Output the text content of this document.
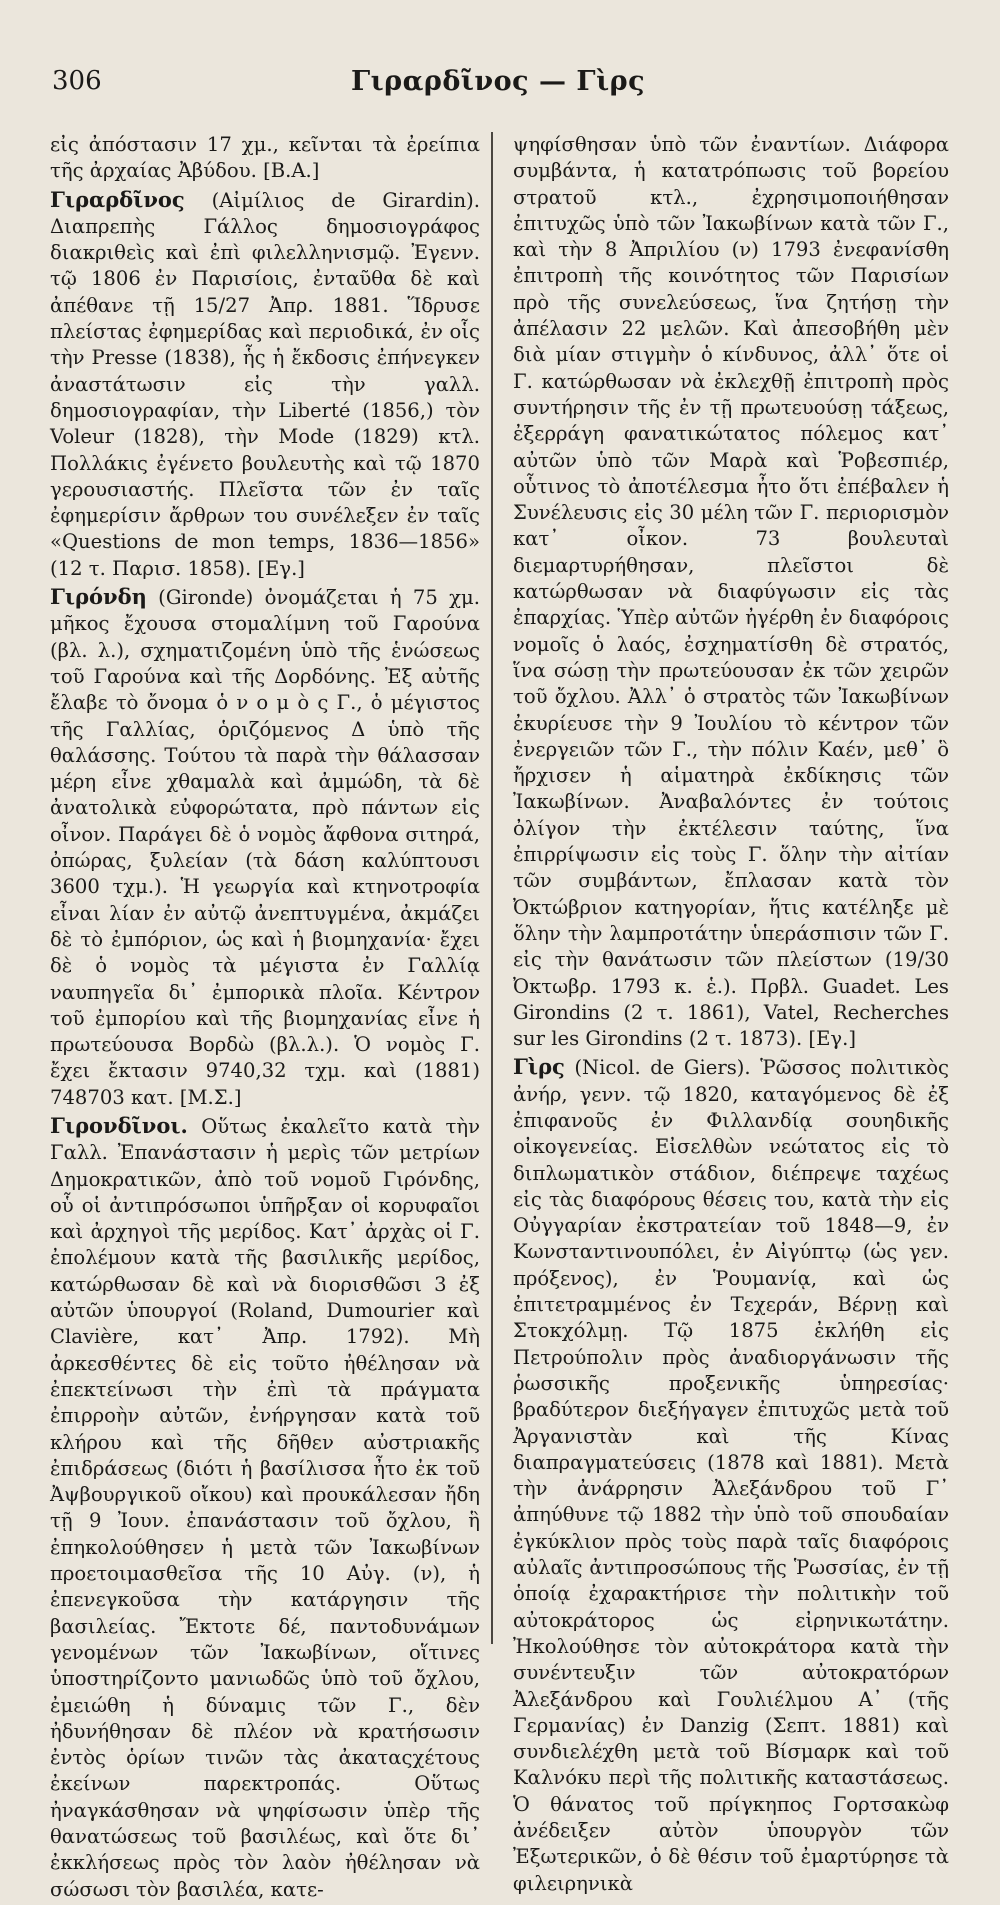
306	Γιραρδῖνος — Γὶρς

εἰς ἀπόστασιν 17 χμ., κεῖνται τὰ ἐρείπια τῆς ἀρχαίας Ἀβύδου. [Β.Α.]

Γιραρδῖνος (Αἰμίλιος de Girardin). Διαπρεπὴς Γάλλος δημοσιογράφος διακριθεὶς καὶ ἐπὶ φιλελληνισμῷ. Ἐγενν. τῷ 1806 ἐν Παρισίοις, ἐνταῦθα δὲ καὶ ἀπέθανε τῇ 15/27 Ἀπρ. 1881. Ἵδρυσε πλείστας ἐφημερίδας καὶ περιοδικά, ἐν οἷς τὴν Presse (1838), ἧς ἡ ἔκδοσις ἐπήνεγκεν ἀναστάτωσιν εἰς τὴν γαλλ. δημοσιογραφίαν, τὴν Liberté (1856,) τὸν Voleur (1828), τὴν Mode (1829) κτλ. Πολλάκις ἐγένετο βουλευτὴς καὶ τῷ 1870 γερουσιαστής. Πλεῖστα τῶν ἐν ταῖς ἐφημερίσιν ἄρθρων του συνέλεξεν ἐν ταῖς «Questions de mon temps, 1836—1856» (12 τ. Παρισ. 1858). [Εγ.]

Γιρόνδη (Gironde) ὀνομάζεται ἡ 75 χμ. μῆκος ἔχουσα στομαλίμνη τοῦ Γαρούνα (βλ. λ.), σχηματιζομένη ὑπὸ τῆς ἑνώσεως τοῦ Γαρούνα καὶ τῆς Δορδόνης. Ἐξ αὐτῆς ἔλαβε τὸ ὄνομα ὁ ν ο μ ὸ ς Γ., ὁ μέγιστος τῆς Γαλλίας, ὁριζόμενος Δ ὑπὸ τῆς θαλάσσης. Τούτου τὰ παρὰ τὴν θάλασσαν μέρη εἶνε χθαμαλὰ καὶ ἀμμώδη, τὰ δὲ ἀνατολικὰ εὐφορώτατα, πρὸ πάντων εἰς οἶνον. Παράγει δὲ ὁ νομὸς ἄφθονα σιτηρά, ὀπώρας, ξυλείαν (τὰ δάση καλύπτουσι 3600 τχμ.). Ἡ γεωργία καὶ κτηνοτροφία εἶναι λίαν ἐν αὐτῷ ἀνεπτυγμένα, ἀκμάζει δὲ τὸ ἐμπόριον, ὡς καὶ ἡ βιομηχανία· ἔχει δὲ ὁ νομὸς τὰ μέγιστα ἐν Γαλλίᾳ ναυπηγεῖα δι᾽ ἐμπορικὰ πλοῖα. Κέντρον τοῦ ἐμπορίου καὶ τῆς βιομηχανίας εἶνε ἡ πρωτεύουσα Βορδὼ (βλ.λ.). Ὁ νομὸς Γ. ἔχει ἔκτασιν 9740,32 τχμ. καὶ (1881) 748703 κατ. [Μ.Σ.]

Γιρονδῖνοι. Οὕτως ἐκαλεῖτο κατὰ τὴν Γαλλ. Ἐπανάστασιν ἡ μερὶς τῶν μετρίων Δημοκρατικῶν, ἀπὸ τοῦ νομοῦ Γιρόνδης, οὗ οἱ ἀντιπρόσωποι ὑπῆρξαν οἱ κορυφαῖοι καὶ ἀρχηγοὶ τῆς μερίδος. Κατ᾽ ἀρχὰς οἱ Γ. ἐπολέμουν κατὰ τῆς βασιλικῆς μερίδος, κατώρθωσαν δὲ καὶ νὰ διορισθῶσι 3 ἐξ αὐτῶν ὑπουργοί (Roland, Dumourier καὶ Clavière, κατ᾽ Ἀπρ. 1792). Μὴ ἀρκεσθέντες δὲ εἰς τοῦτο ἠθέλησαν νὰ ἐπεκτείνωσι τὴν ἐπὶ τὰ πράγματα ἐπιρροὴν αὐτῶν, ἐνήργησαν κατὰ τοῦ κλήρου καὶ τῆς δῆθεν αὐστριακῆς ἐπιδράσεως (διότι ἡ βασίλισσα ἦτο ἐκ τοῦ Ἀψβουργικοῦ οἴκου) καὶ προυκάλεσαν ἤδη τῇ 9 Ἰουν. ἐπανάστασιν τοῦ ὄχλου, ἣ ἐπηκολούθησεν ἡ μετὰ τῶν Ἰακωβίνων προετοιμασθεῖσα τῆς 10 Αὐγ. (ν), ἡ ἐπενεγκοῦσα τὴν κατάργησιν τῆς βασιλείας. Ἔκτοτε δέ, παντοδυνάμων γενομένων τῶν Ἰακωβίνων, οἵτινες ὑποστηρίζοντο μανιωδῶς ὑπὸ τοῦ ὄχλου, ἐμειώθη ἡ δύναμις τῶν Γ., δὲν ἠδυνήθησαν δὲ πλέον νὰ κρατήσωσιν ἐντὸς ὁρίων τινῶν τὰς ἀκαταςχέτους ἐκείνων παρεκτροπάς. Οὕτως ἠναγκάσθησαν νὰ ψηφίσωσιν ὑπὲρ τῆς θανατώσεως τοῦ βασιλέως, καὶ ὅτε δι᾽ ἐκκλήσεως πρὸς τὸν λαὸν ἠθέλησαν νὰ σώσωσι τὸν βασιλέα, κατε-

ψηφίσθησαν ὑπὸ τῶν ἐναντίων. Διάφορα συμβάντα, ἡ κατατρόπωσις τοῦ βορείου στρατοῦ κτλ., ἐχρησιμοποιήθησαν ἐπιτυχῶς ὑπὸ τῶν Ἰακωβίνων κατὰ τῶν Γ., καὶ τὴν 8 Ἀπριλίου (ν) 1793 ἐνεφανίσθη ἐπιτροπὴ τῆς κοινότητος τῶν Παρισίων πρὸ τῆς συνελεύσεως, ἵνα ζητήσῃ τὴν ἀπέλασιν 22 μελῶν. Καὶ ἀπεσοβήθη μὲν διὰ μίαν στιγμὴν ὁ κίνδυνος, ἀλλ᾽ ὅτε οἱ Γ. κατώρθωσαν νὰ ἐκλεχθῇ ἐπιτροπὴ πρὸς συντήρησιν τῆς ἐν τῇ πρωτευούσῃ τάξεως, ἐξερράγη φανατικώτατος πόλεμος κατ᾽ αὐτῶν ὑπὸ τῶν Μαρὰ καὶ Ῥοβεσπιέρ, οὗτινος τὸ ἀποτέλεσμα ἦτο ὅτι ἐπέβαλεν ἡ Συνέλευσις εἰς 30 μέλη τῶν Γ. περιορισμὸν κατ᾽ οἶκον. 73 βουλευταὶ διεμαρτυρήθησαν, πλεῖστοι δὲ κατώρθωσαν νὰ διαφύγωσιν εἰς τὰς ἐπαρχίας. Ὑπὲρ αὐτῶν ἠγέρθη ἐν διαφόροις νομοῖς ὁ λαός, ἐσχηματίσθη δὲ στρατός, ἵνα σώσῃ τὴν πρωτεύουσαν ἐκ τῶν χειρῶν τοῦ ὄχλου. Ἀλλ᾽ ὁ στρατὸς τῶν Ἰακωβίνων ἐκυρίευσε τὴν 9 Ἰουλίου τὸ κέντρον τῶν ἐνεργειῶν τῶν Γ., τὴν πόλιν Καέν, μεθ᾽ ὃ ἤρχισεν ἡ αἱματηρὰ ἐκδίκησις τῶν Ἰακωβίνων. Ἀναβαλόντες ἐν τούτοις ὀλίγον τὴν ἐκτέλεσιν ταύτης, ἵνα ἐπιρρίψωσιν εἰς τοὺς Γ. ὅλην τὴν αἰτίαν τῶν συμβάντων, ἔπλασαν κατὰ τὸν Ὀκτώβριον κατηγορίαν, ἥτις κατέληξε μὲ ὅλην τὴν λαμπροτάτην ὑπεράσπισιν τῶν Γ. εἰς τὴν θανάτωσιν τῶν πλείστων (19/30 Ὀκτωβρ. 1793 κ. ἑ.). Πρβλ. Guadet. Les Girondins (2 τ. 1861), Vatel, Recherches sur les Girondins (2 τ. 1873). [Εγ.]

Γὶρς (Nicol. de Giers). Ῥῶσσος πολιτικὸς ἀνήρ, γενν. τῷ 1820, καταγόμενος δὲ ἐξ ἐπιφανοῦς ἐν Φιλλανδίᾳ σουηδικῆς οἰκογενείας. Εἰσελθὼν νεώτατος εἰς τὸ διπλωματικὸν στάδιον, διέπρεψε ταχέως εἰς τὰς διαφόρους θέσεις του, κατὰ τὴν εἰς Οὐγγαρίαν ἐκστρατείαν τοῦ 1848—9, ἐν Κωνσταντινουπόλει, ἐν Αἰγύπτῳ (ὡς γεν. πρόξενος), ἐν Ῥουμανίᾳ, καὶ ὡς ἐπιτετραμμένος ἐν Τεχεράν, Βέρνῃ καὶ Στοκχόλμῃ. Τῷ 1875 ἐκλήθη εἰς Πετρούπολιν πρὸς ἀναδιοργάνωσιν τῆς ῥωσσικῆς προξενικῆς ὑπηρεσίας· βραδύτερον διεξήγαγεν ἐπιτυχῶς μετὰ τοῦ Ἀργανιστὰν καὶ τῆς Κίνας διαπραγματεύσεις (1878 καὶ 1881). Μετὰ τὴν ἀνάρρησιν Ἀλεξάνδρου τοῦ Γ᾽ ἀπηύθυνε τῷ 1882 τὴν ὑπὸ τοῦ σπουδαίαν ἐγκύκλιον πρὸς τοὺς παρὰ ταῖς διαφόροις αὐλαῖς ἀντιπροσώπους τῆς Ῥωσσίας, ἐν τῇ ὁποίᾳ ἐχαρακτήρισε τὴν πολιτικὴν τοῦ αὐτοκράτορος ὡς εἰρηνικωτάτην. Ἠκολούθησε τὸν αὐτοκράτορα κατὰ τὴν συνέντευξιν τῶν αὐτοκρατόρων Ἀλεξάνδρου καὶ Γουλιέλμου Α᾽ (τῆς Γερμανίας) ἐν Danzig (Σεπτ. 1881) καὶ συνδιελέχθη μετὰ τοῦ Βίσμαρκ καὶ τοῦ Καλνόκυ περὶ τῆς πολιτικῆς καταστάσεως. Ὁ θάνατος τοῦ πρίγκηπος Γορτσακὼφ ἀνέδειξεν αὐτὸν ὑπουργὸν τῶν Ἐξωτερικῶν, ὁ δὲ θέσιν τοῦ ἐμαρτύρησε τὰ φιλειρηνικὰ
